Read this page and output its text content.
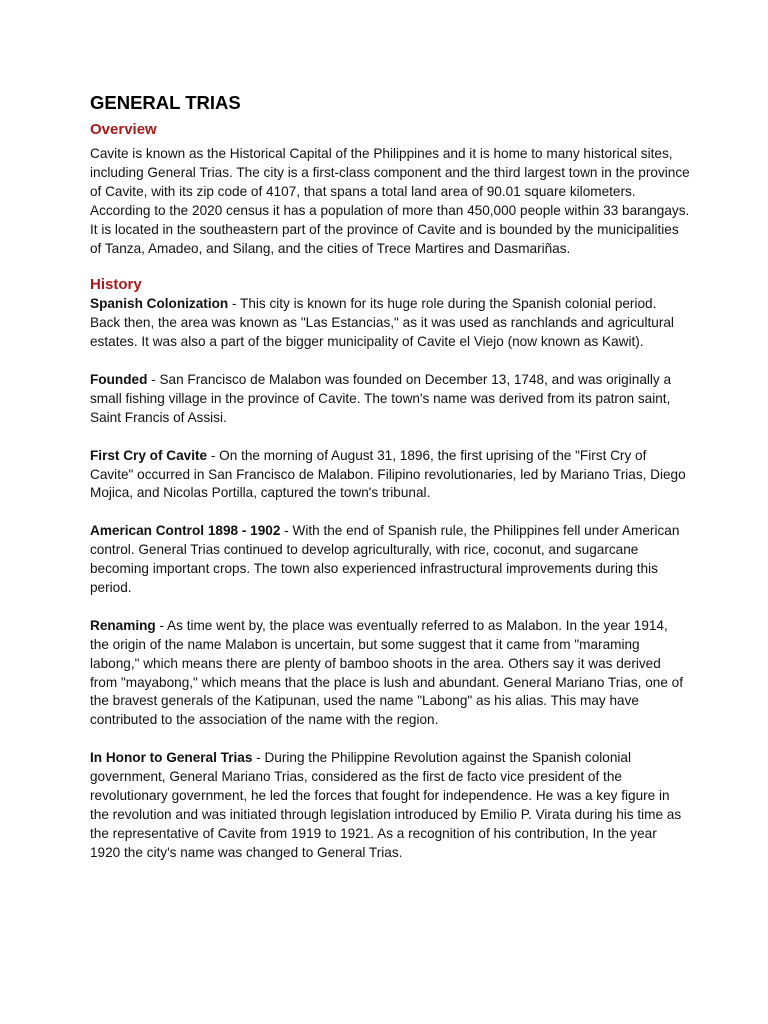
GENERAL TRIAS
Overview

Cavite is known as the Historical Capital of the Philippines and it is home to many historical sites, including General Trias. The city is a first-class component and the third largest town in the province of Cavite, with its zip code of 4107, that spans a total land area of 90.01 square kilometers. According to the 2020 census it has a population of more than 450,000 people within 33 barangays. It is located in the southeastern part of the province of Cavite and is bounded by the municipalities of Tanza, Amadeo, and Silang, and the cities of Trece Martires and Dasmariñas.

History

Spanish Colonization - This city is known for its huge role during the Spanish colonial period. Back then, the area was known as "Las Estancias," as it was used as ranchlands and agricultural estates. It was also a part of the bigger municipality of Cavite el Viejo (now known as Kawit).

Founded - San Francisco de Malabon was founded on December 13, 1748, and was originally a small fishing village in the province of Cavite. The town's name was derived from its patron saint, Saint Francis of Assisi.

First Cry of Cavite - On the morning of August 31, 1896, the first uprising of the "First Cry of Cavite" occurred in San Francisco de Malabon. Filipino revolutionaries, led by Mariano Trias, Diego Mojica, and Nicolas Portilla, captured the town's tribunal.

American Control 1898 - 1902 - With the end of Spanish rule, the Philippines fell under American control. General Trias continued to develop agriculturally, with rice, coconut, and sugarcane becoming important crops. The town also experienced infrastructural improvements during this period.

Renaming - As time went by, the place was eventually referred to as Malabon. In the year 1914, the origin of the name Malabon is uncertain, but some suggest that it came from "maraming labong," which means there are plenty of bamboo shoots in the area. Others say it was derived from "mayabong," which means that the place is lush and abundant. General Mariano Trias, one of the bravest generals of the Katipunan, used the name "Labong" as his alias. This may have contributed to the association of the name with the region.

In Honor to General Trias - During the Philippine Revolution against the Spanish colonial government, General Mariano Trias, considered as the first de facto vice president of the revolutionary government, he led the forces that fought for independence. He was a key figure in the revolution and was initiated through legislation introduced by Emilio P. Virata during his time as the representative of Cavite from 1919 to 1921. As a recognition of his contribution, In the year 1920 the city's name was changed to General Trias.
